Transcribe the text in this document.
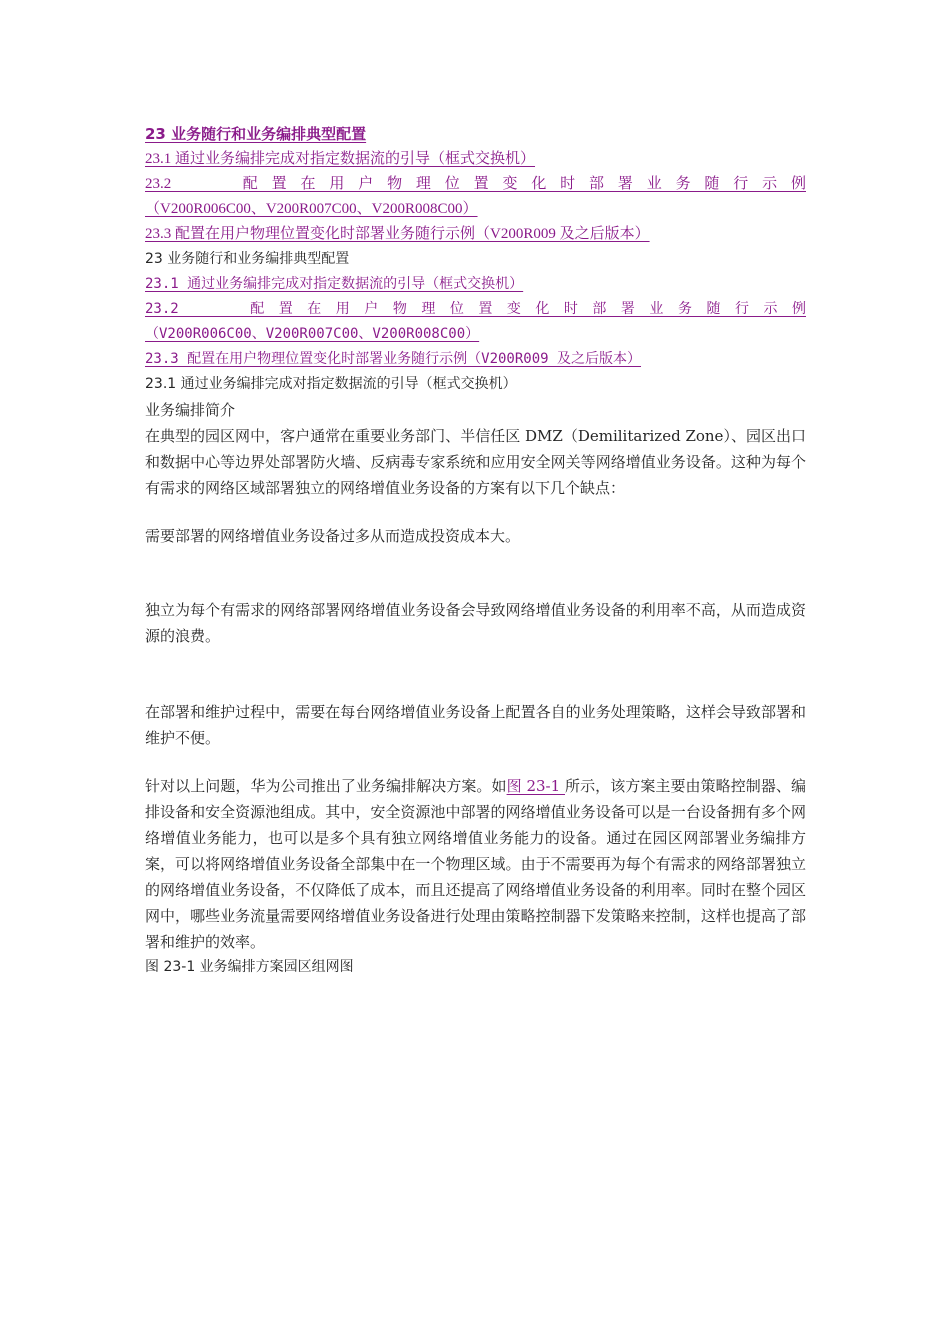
23 业务随行和业务编排典型配置
23.1 通过业务编排完成对指定数据流的引导（框式交换机）
23.2　　配置在用户物理位置变化时部署业务随行示例
（V200R006C00、V200R007C00、V200R008C00）
23.3 配置在用户物理位置变化时部署业务随行示例（V200R009 及之后版本）
23 业务随行和业务编排典型配置
23.1 通过业务编排完成对指定数据流的引导（框式交换机）
23.2　　配置在用户物理位置变化时部署业务随行示例
（V200R006C00、V200R007C00、V200R008C00）
23.3 配置在用户物理位置变化时部署业务随行示例（V200R009 及之后版本）
23.1 通过业务编排完成对指定数据流的引导（框式交换机）
业务编排简介

在典型的园区网中，客户通常在重要业务部门、半信任区 DMZ（Demilitarized Zone）、园区出口和数据中心等边界处部署防火墙、反病毒专家系统和应用安全网关等网络增值业务设备。这种为每个有需求的网络区域部署独立的网络增值业务设备的方案有以下几个缺点：

需要部署的网络增值业务设备过多从而造成投资成本大。

独立为每个有需求的网络部署网络增值业务设备会导致网络增值业务设备的利用率不高，从而造成资源的浪费。

在部署和维护过程中，需要在每台网络增值业务设备上配置各自的业务处理策略，这样会导致部署和维护不便。

针对以上问题，华为公司推出了业务编排解决方案。如图 23-1 所示，该方案主要由策略控制器、编排设备和安全资源池组成。其中，安全资源池中部署的网络增值业务设备可以是一台设备拥有多个网络增值业务能力，也可以是多个具有独立网络增值业务能力的设备。通过在园区网部署业务编排方案，可以将网络增值业务设备全部集中在一个物理区域。由于不需要再为每个有需求的网络部署独立的网络增值业务设备，不仅降低了成本，而且还提高了网络增值业务设备的利用率。同时在整个园区网中，哪些业务流量需要网络增值业务设备进行处理由策略控制器下发策略来控制，这样也提高了部署和维护的效率。

图 23-1 业务编排方案园区组网图
